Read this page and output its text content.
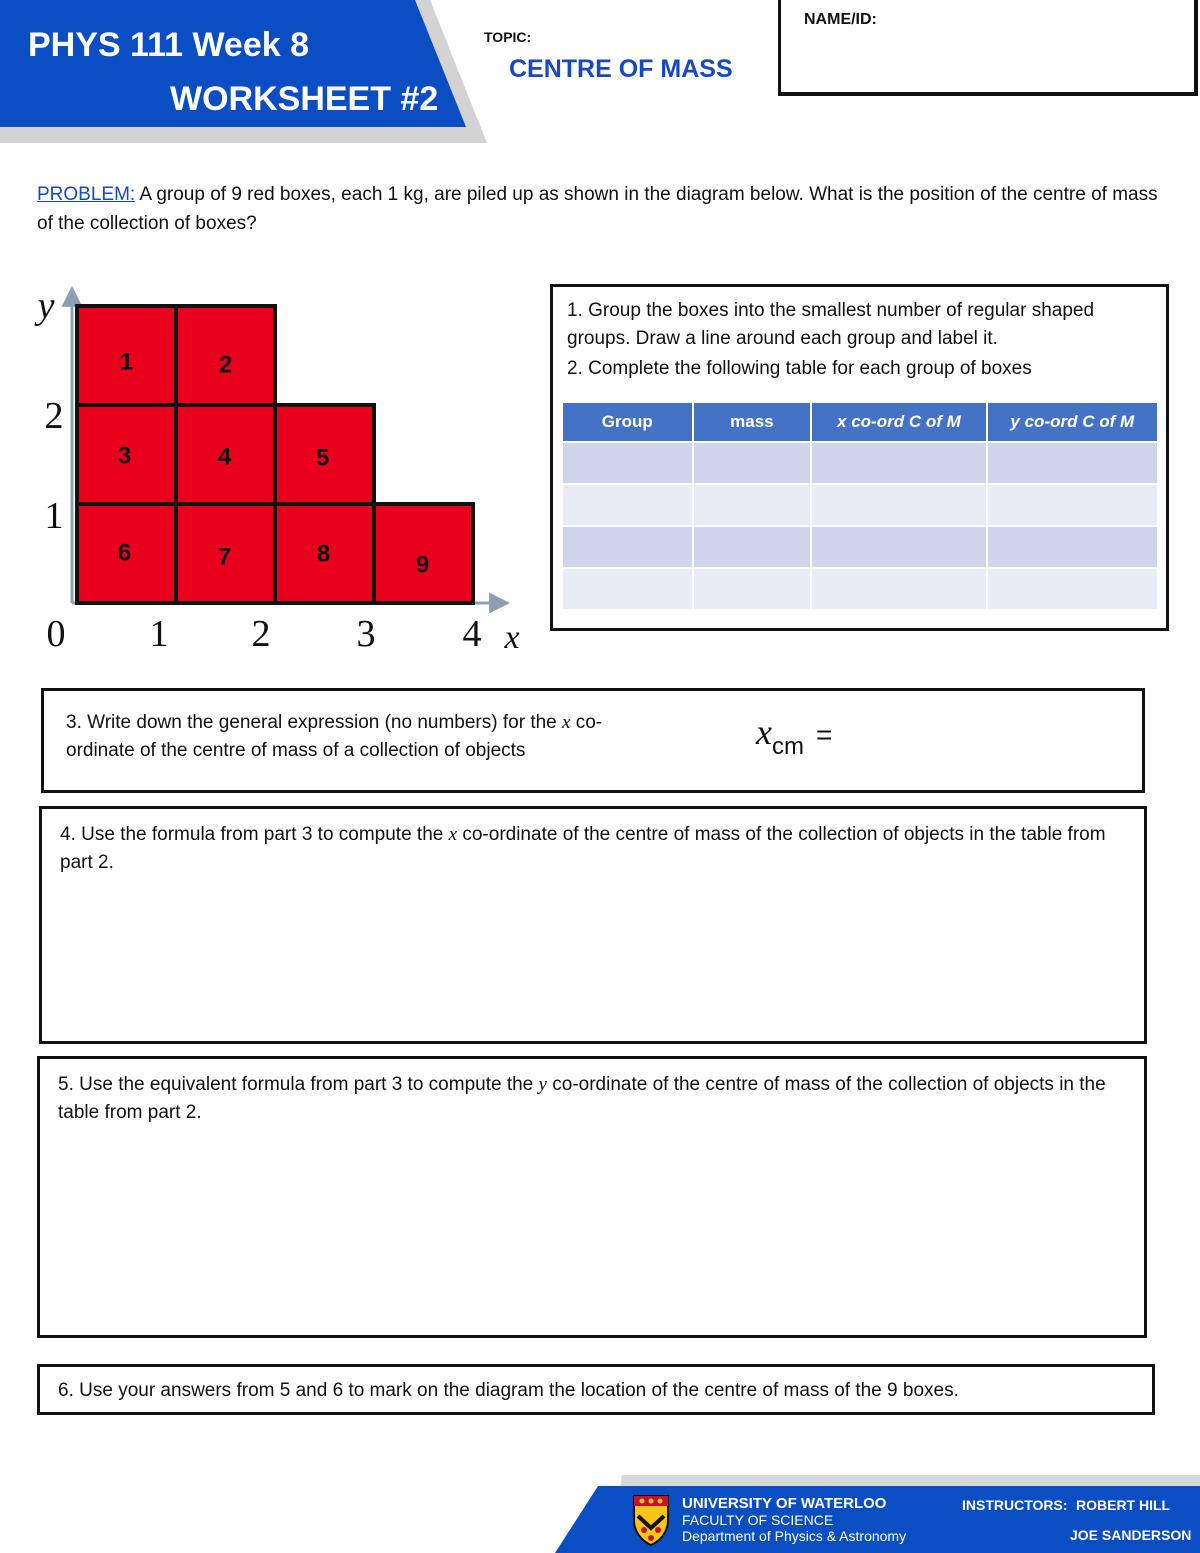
PHYS 111 Week 8
WORKSHEET #2
TOPIC:
CENTRE OF MASS
NAME/ID:
PROBLEM: A group of 9 red boxes, each 1 kg, are piled up as shown in the diagram below. What is the position of the centre of mass of the collection of boxes?
1	2
3	4	5
6	7	8	9
0 1 2 3 4
1
2
x
y	1. Group the boxes into the smallest number of regular shaped groups. Draw a line around each group and label it.
2. Complete the following table for each group of boxes
Group	mass	x co-ord C of M	y co-ord C of M

3. Write down the general expression (no numbers) for the x co-ordinate of the centre of mass of a collection of objects	xcm =
4. Use the formula from part 3 to compute the x co-ordinate of the centre of mass of the collection of objects in the table from part 2.
5. Use the equivalent formula from part 3 to compute the y co-ordinate of the centre of mass of the collection of objects in the table from part 2.
6. Use your answers from 5 and 6 to mark on the diagram the location of the centre of mass of the 9 boxes.
UNIVERSITY OF WATERLOO
FACULTY OF SCIENCE
Department of Physics & Astronomy
INSTRUCTORS: ROBERT HILL
JOE SANDERSON
